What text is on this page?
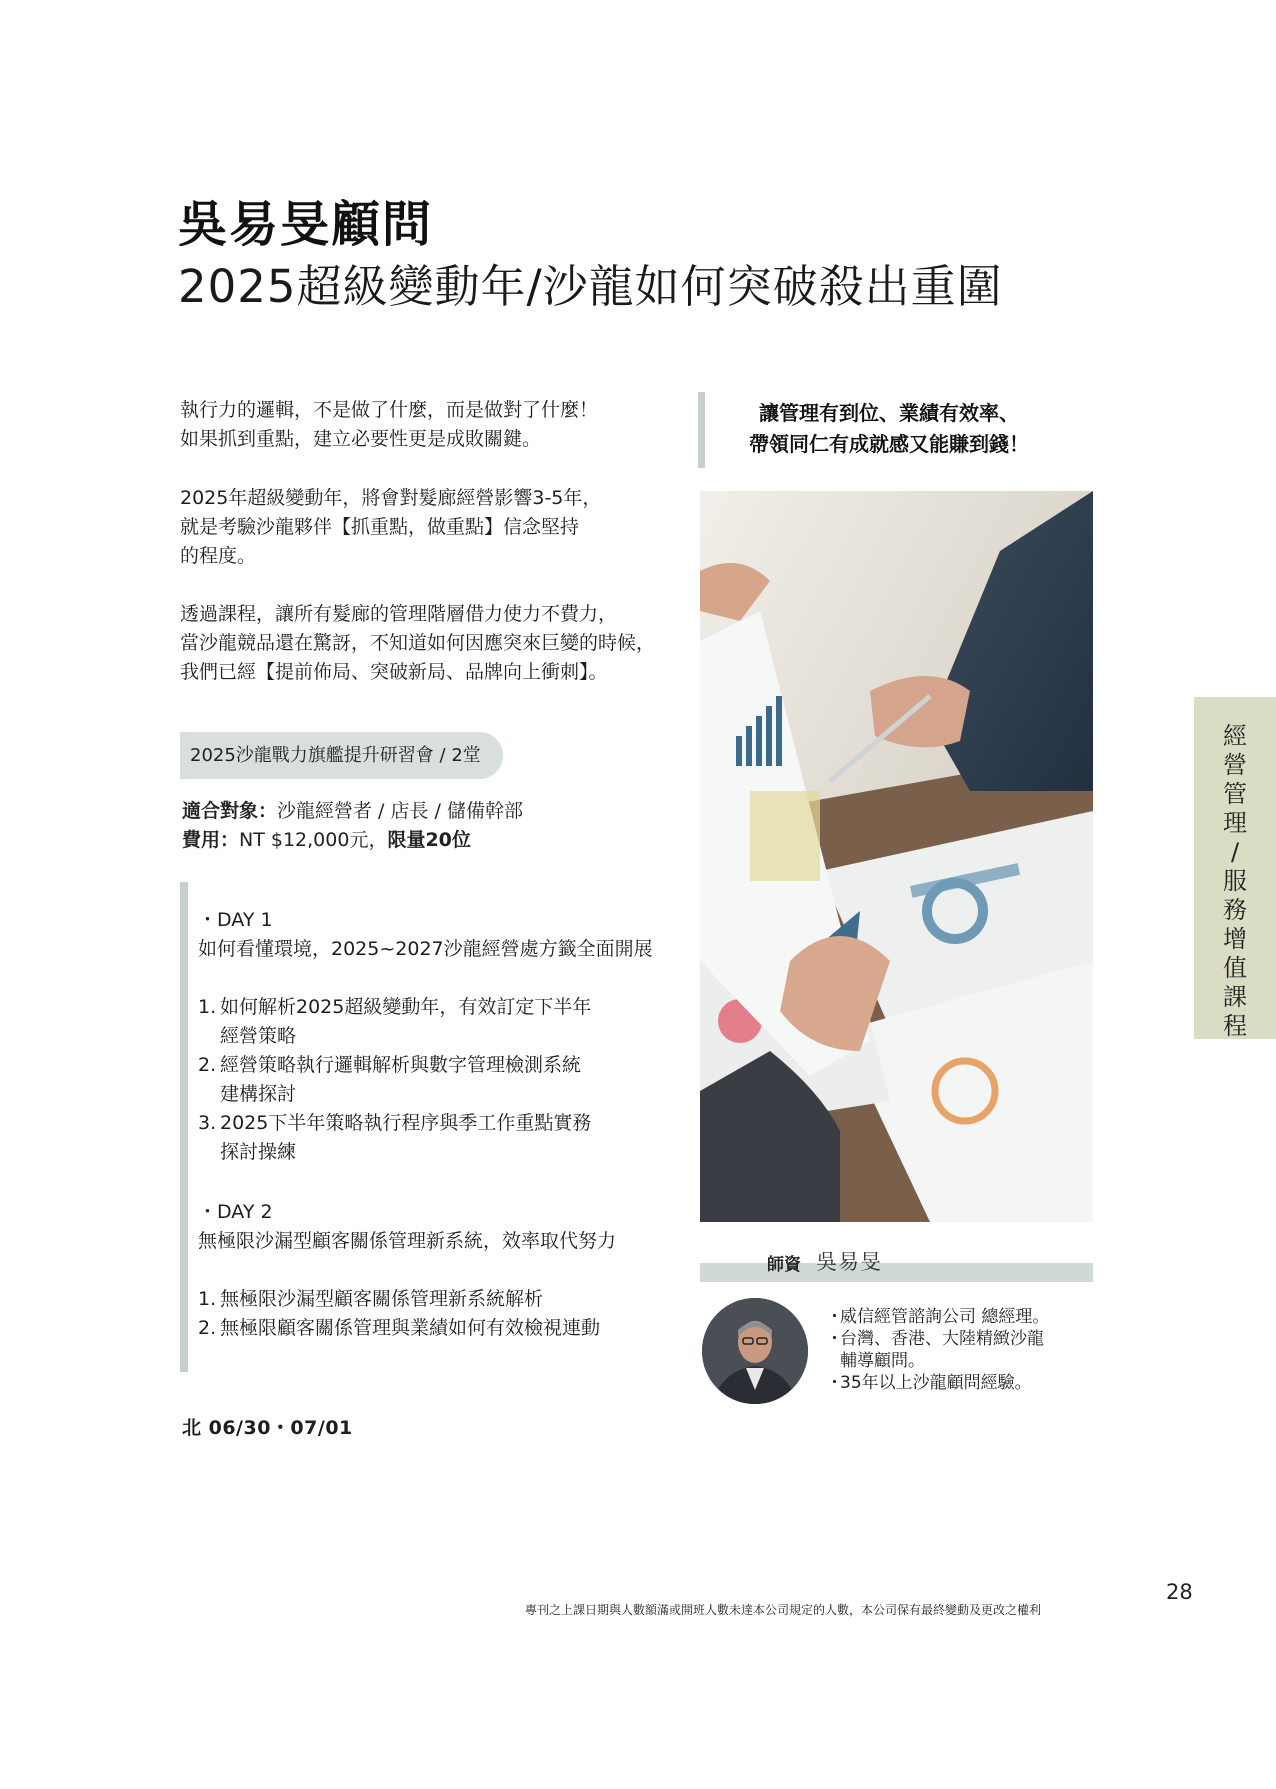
吳易旻顧問
2025超級變動年/沙龍如何突破殺出重圍
執行力的邏輯，不是做了什麼，而是做對了什麼！
如果抓到重點，建立必要性更是成敗關鍵。
2025年超級變動年，將會對髮廊經營影響3-5年，
就是考驗沙龍夥伴【抓重點，做重點】信念堅持
的程度。
透過課程，讓所有髮廊的管理階層借力使力不費力，
當沙龍競品還在驚訝，不知道如何因應突來巨變的時候，
我們已經【提前佈局、突破新局、品牌向上衝刺】。
讓管理有到位、業績有效率、
帶領同仁有成就感又能賺到錢！
2025沙龍戰力旗艦提升研習會 / 2堂
適合對象：沙龍經營者 / 店長 / 儲備幹部
費用：NT $12,000元，限量20位
・DAY 1
如何看懂環境，2025~2027沙龍經營處方籤全面開展
1. 如何解析2025超級變動年，有效訂定下半年
經營策略
2. 經營策略執行邏輯解析與數字管理檢測系統
建構探討
3. 2025下半年策略執行程序與季工作重點實務
探討操練
・DAY 2
無極限沙漏型顧客關係管理新系統，效率取代努力
1. 無極限沙漏型顧客關係管理新系統解析
2. 無極限顧客關係管理與業績如何有效檢視連動
北 06/30・07/01
師資 吳易旻
・
威信經管諮詢公司 總經理。
・
台灣、香港、大陸精緻沙龍
輔導顧問。
・
35年以上沙龍顧問經驗。
經
營
管
理
/
服
務
增
值
課
程
28
專刊之上課日期與人數額滿或開班人數未達本公司規定的人數，本公司保有最終變動及更改之權利
